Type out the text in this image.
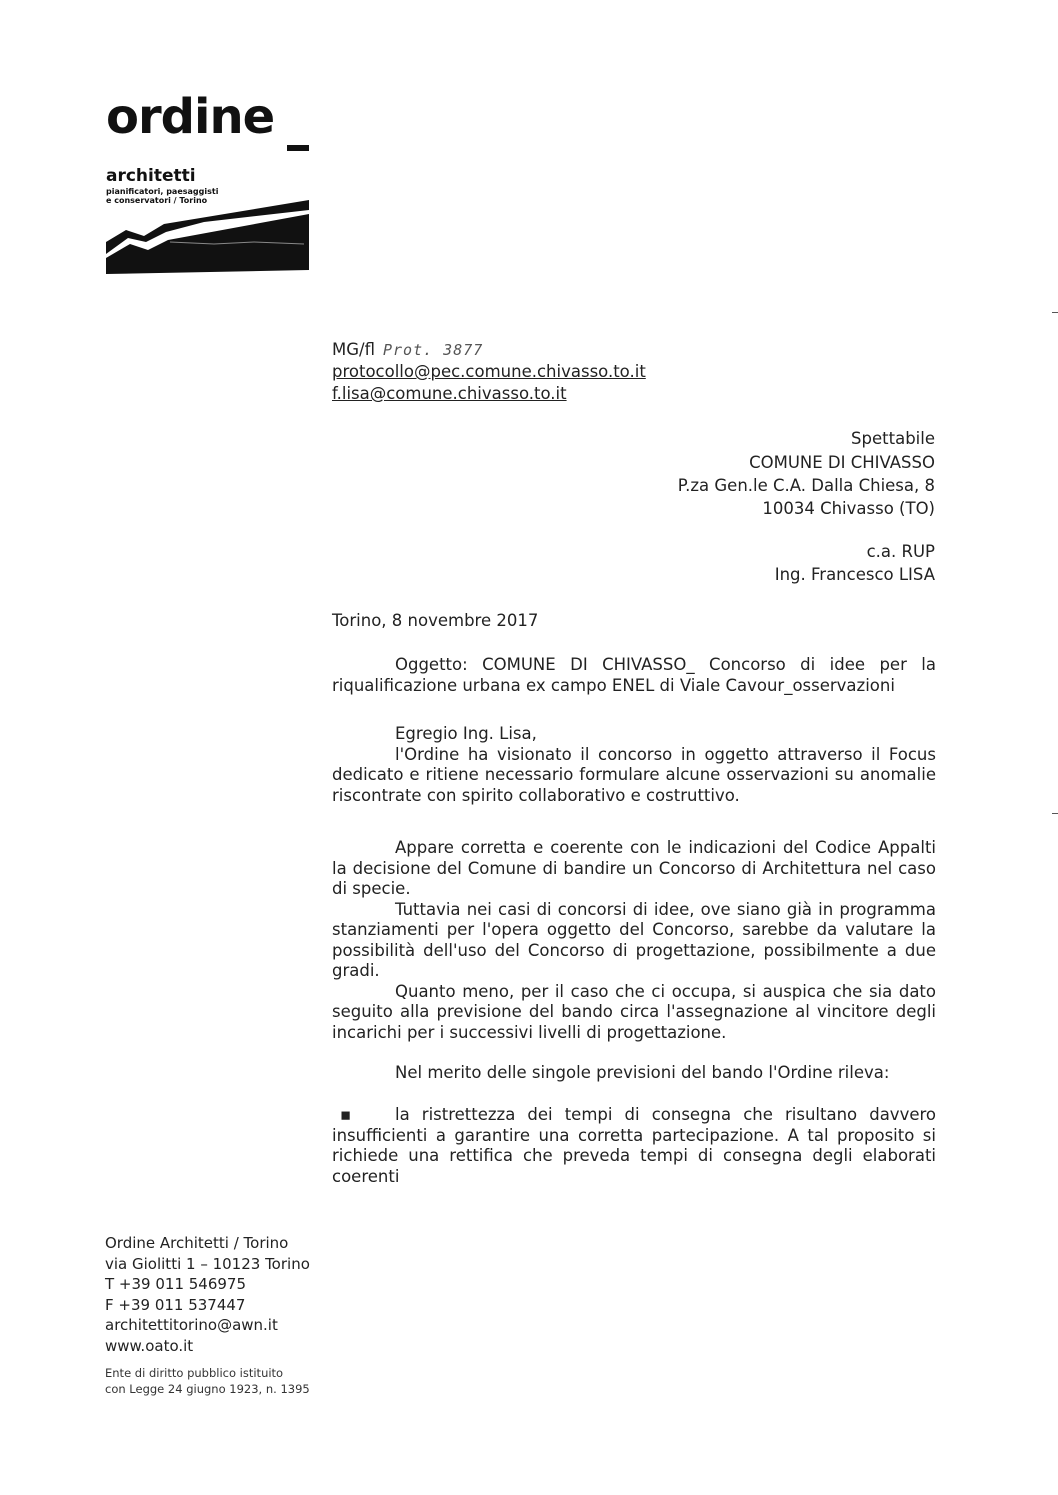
ordine
architetti
pianificatori, paesaggisti
e conservatori / Torino
MG/fl Prot. 3877
protocollo@pec.comune.chivasso.to.it
f.lisa@comune.chivasso.to.it
Spettabile
COMUNE DI CHIVASSO
P.za Gen.le C.A. Dalla Chiesa, 8
10034 Chivasso (TO)
c.a. RUP
Ing. Francesco LISA
Torino, 8 novembre 2017

Oggetto: COMUNE DI CHIVASSO_ Concorso di idee per la riqualificazione urbana ex campo ENEL di Viale Cavour_osservazioni

Egregio Ing. Lisa,

l'Ordine ha visionato il concorso in oggetto attraverso il Focus dedicato e ritiene necessario formulare alcune osservazioni su anomalie riscontrate con spirito collaborativo e costruttivo.

Appare corretta e coerente con le indicazioni del Codice Appalti la decisione del Comune di bandire un Concorso di Architettura nel caso di specie.

Tuttavia nei casi di concorsi di idee, ove siano già in programma stanziamenti per l'opera oggetto del Concorso, sarebbe da valutare la possibilità dell'uso del Concorso di progettazione, possibilmente a due gradi.

Quanto meno, per il caso che ci occupa, si auspica che sia dato seguito alla previsione del bando circa l'assegnazione al vincitore degli incarichi per i successivi livelli di progettazione.

Nel merito delle singole previsioni del bando l'Ordine rileva:

▪	la ristrettezza dei tempi di consegna che risultano davvero insufficienti a garantire una corretta partecipazione. A tal proposito si richiede una rettifica che preveda tempi di consegna degli elaborati coerenti

Ordine Architetti / Torino
via Giolitti 1 – 10123 Torino
T +39 011 546975
F +39 011 537447
architettitorino@awn.it
www.oato.it
Ente di diritto pubblico istituito
con Legge 24 giugno 1923, n. 1395
